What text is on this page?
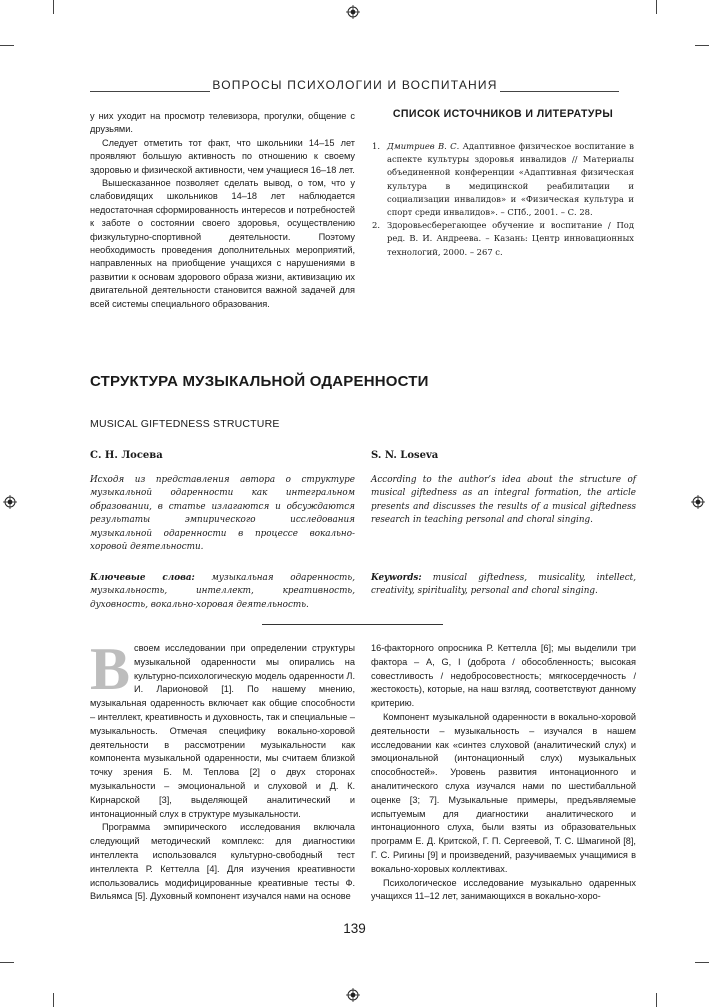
ВОПРОСЫ ПСИХОЛОГИИ И ВОСПИТАНИЯ

у них уходит на просмотр телевизора, прогулки, общение с друзьями.

Следует отметить тот факт, что школьники 14–15 лет проявляют большую активность по отношению к своему здоровью и физической активности, чем учащиеся 16–18 лет.

Вышесказанное позволяет сделать вывод, о том, что у слабовидящих школьников 14–18 лет наблюдается недостаточная сформированность интересов и потребностей к заботе о состоянии своего здоровья, осуществлению физкультурно-спортивной деятельности. Поэтому необходимость проведения дополнительных мероприятий, направленных на приобщение учащихся с нарушениями в развитии к основам здорового образа жизни, активизацию их двигательной деятельности становится важной задачей для всей системы специального образования.

СПИСОК ИСТОЧНИКОВ И ЛИТЕРАТУРЫ
1. Дмитриев В. С. Адаптивное физическое воспитание в аспекте культуры здоровья инвалидов // Материалы объединенной конференции «Адаптивная физическая культура в медицинской реабилитации и социализации инвалидов» и «Физическая культура и спорт среди инвалидов». – СПб., 2001. – С. 28.
2. Здоровьесберегающее обучение и воспитание / Под ред. В. И. Андреева. – Казань: Центр инновационных технологий, 2000. – 267 с.
СТРУКТУРА МУЗЫКАЛЬНОЙ ОДАРЕННОСТИ
MUSICAL GIFTEDNESS STRUCTURE
С. Н. Лосева	S. N. Loseva
Исходя из представления автора о структуре музыкальной одаренности как интегральном образовании, в статье излагаются и обсуждаются результаты эмпирического исследования музыкальной одаренности в процессе вокально-хоровой деятельности.
According to the author’s idea about the structure of musical giftedness as an integral formation, the article presents and discusses the results of a musical giftedness research in teaching personal and choral singing.
Ключевые слова: музыкальная одаренность, музыкальность, интеллект, креативность, духовность, вокально-хоровая деятельность.
Keywords: musical giftedness, musicality, intellect, creativity, spirituality, personal and choral singing.
В своем исследовании при определении структуры музыкальной одаренности мы опирались на культурно-психологическую модель одаренности Л. И. Ларионовой [1]. По нашему мнению, музыкальная одаренность включает как общие способности – интеллект, креативность и духовность, так и специальные – музыкальность. Отмечая специфику вокально-хоровой деятельности в рассмотрении музыкальности как компонента музыкальной одаренности, мы считаем близкой точку зрения Б. М. Теплова [2] о двух сторонах музыкальности – эмоциональной и слуховой и Д. К. Кирнарской [3], выделяющей аналитический и интонационный слух в структуре музыкальности.

Программа эмпирического исследования включала следующий методический комплекс: для диагностики интеллекта использовался культурно-свободный тест интеллекта Р. Кеттелла [4]. Для изучения креативности использовались модифицированные креативные тесты Ф. Вильямса [5]. Духовный компонент изучался нами на основе

16-факторного опросника Р. Кеттелла [6]; мы выделили три фактора – А, G, I (доброта / обособленность; высокая совестливость / недобросовестность; мягкосердечность / жестокость), которые, на наш взгляд, соответствуют данному критерию.

Компонент музыкальной одаренности в вокально-хоровой деятельности – музыкальность – изучался в нашем исследовании как «синтез слуховой (аналитический слух) и эмоциональной (интонационный слух) музыкальных способностей». Уровень развития интонационного и аналитического слуха изучался нами по шестибалльной оценке [3; 7]. Музыкальные примеры, предъявляемые испытуемым для диагностики аналитического и интонационного слуха, были взяты из образовательных программ Е. Д. Критской, Г. П. Сергеевой, Т. С. Шмагиной [8], Г. С. Ригины [9] и произведений, разучиваемых учащимися в вокально-хоровых коллективах.

Психологическое исследование музыкально одаренных учащихся 11–12 лет, занимающихся в вокально-хоро-

139
